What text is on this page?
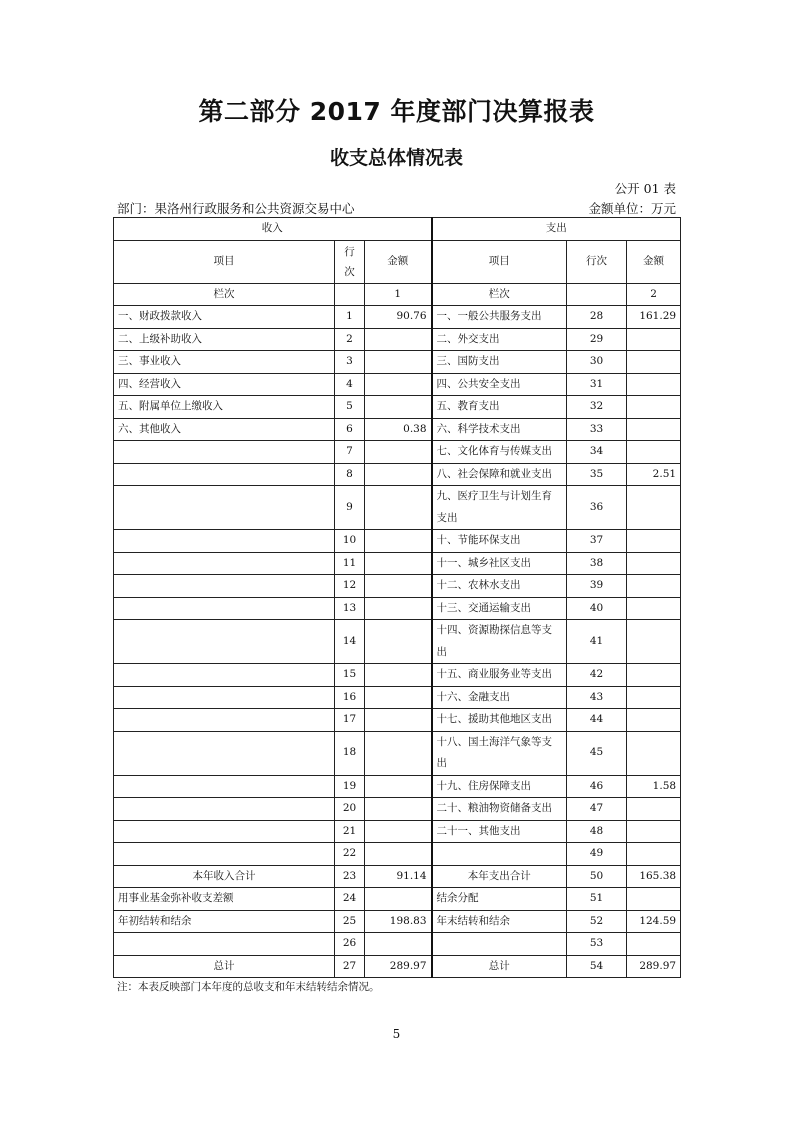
第二部分 2017 年度部门决算报表
收支总体情况表
公开 01 表
部门：果洛州行政服务和公共资源交易中心	金额单位：万元
收入			支出		
项目	行次	金额	项目	行次	金额
栏次		1	栏次		2
一、财政拨款收入	1	90.76	一、一般公共服务支出	28	161.29
二、上级补助收入	2		二、外交支出	29	
三、事业收入	3		三、国防支出	30	
四、经营收入	4		四、公共安全支出	31	
五、附属单位上缴收入	5		五、教育支出	32	
六、其他收入	6	0.38	六、科学技术支出	33	
	7		七、文化体育与传媒支出	34	
	8		八、社会保障和就业支出	35	2.51
	9		九、医疗卫生与计划生育支出	36	
	10		十、节能环保支出	37	
	11		十一、城乡社区支出	38	
	12		十二、农林水支出	39	
	13		十三、交通运输支出	40	
	14		十四、资源勘探信息等支出	41	
	15		十五、商业服务业等支出	42	
	16		十六、金融支出	43	
	17		十七、援助其他地区支出	44	
	18		十八、国土海洋气象等支出	45	
	19		十九、住房保障支出	46	1.58
	20		二十、粮油物资储备支出	47	
	21		二十一、其他支出	48	
	22			49	
本年收入合计	23	91.14	本年支出合计	50	165.38
用事业基金弥补收支差额	24		结余分配	51	
年初结转和结余	25	198.83	年末结转和结余	52	124.59
	26			53	
总计	27	289.97	总计	54	289.97
注：本表反映部门本年度的总收支和年末结转结余情况。
5
